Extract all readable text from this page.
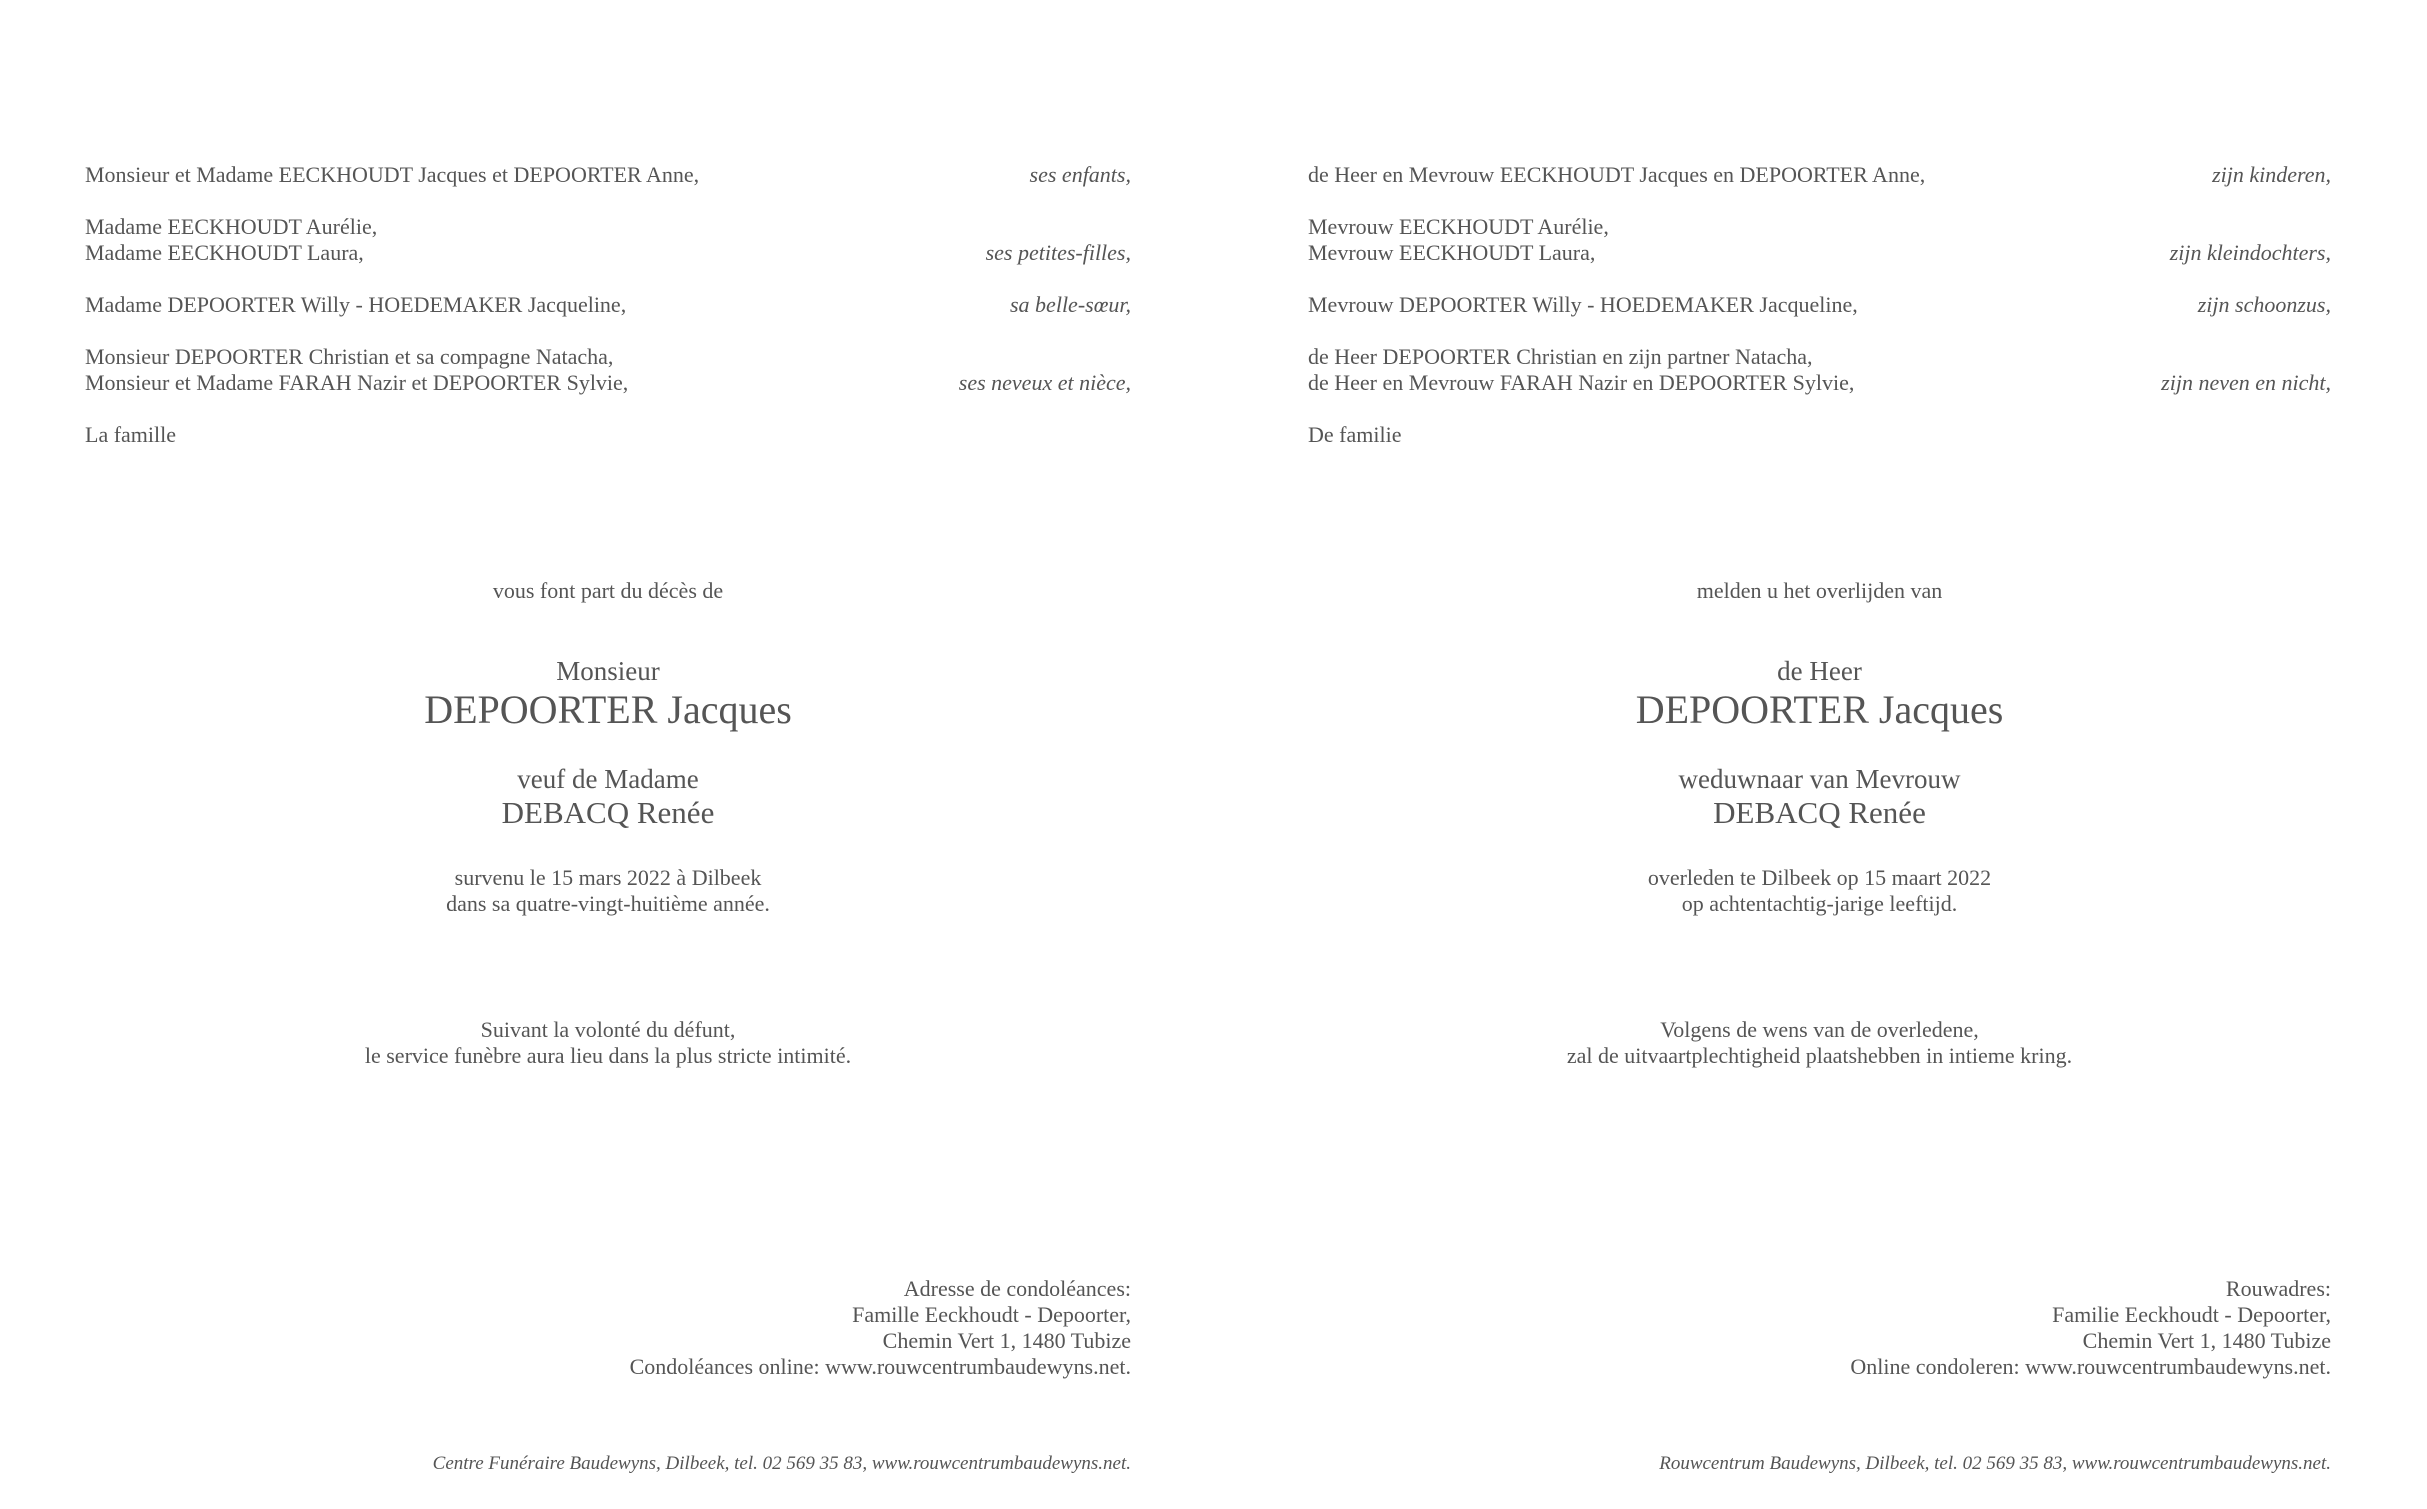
Monsieur et Madame EECKHOUDT Jacques et DEPOORTER Anne,	ses enfants,
Madame EECKHOUDT Aurélie,
Madame EECKHOUDT Laura,	ses petites-filles,
Madame DEPOORTER Willy - HOEDEMAKER Jacqueline,	sa belle-sœur,
Monsieur DEPOORTER Christian et sa compagne Natacha,
Monsieur et Madame FARAH Nazir et DEPOORTER Sylvie,	ses neveux et nièce,
La famille
vous font part du décès de
Monsieur
DEPOORTER Jacques
veuf de Madame
DEBACQ Renée
survenu le 15 mars 2022 à Dilbeek
dans sa quatre-vingt-huitième année.
Suivant la volonté du défunt,
le service funèbre aura lieu dans la plus stricte intimité.
Adresse de condoléances:
Famille Eeckhoudt - Depoorter,
Chemin Vert 1, 1480 Tubize
Condoléances online: www.rouwcentrumbaudewyns.net.
Centre Funéraire Baudewyns, Dilbeek, tel. 02 569 35 83, www.rouwcentrumbaudewyns.net.
de Heer en Mevrouw EECKHOUDT Jacques en DEPOORTER Anne,	zijn kinderen,
Mevrouw EECKHOUDT Aurélie,
Mevrouw EECKHOUDT Laura,	zijn kleindochters,
Mevrouw DEPOORTER Willy - HOEDEMAKER Jacqueline,	zijn schoonzus,
de Heer DEPOORTER Christian en zijn partner Natacha,
de Heer en Mevrouw FARAH Nazir en DEPOORTER Sylvie,	zijn neven en nicht,
De familie
melden u het overlijden van
de Heer
DEPOORTER Jacques
weduwnaar van Mevrouw
DEBACQ Renée
overleden te Dilbeek op 15 maart 2022
op achtentachtig-jarige leeftijd.
Volgens de wens van de overledene,
zal de uitvaartplechtigheid plaatshebben in intieme kring.
Rouwadres:
Familie Eeckhoudt - Depoorter,
Chemin Vert 1, 1480 Tubize
Online condoleren: www.rouwcentrumbaudewyns.net.
Rouwcentrum Baudewyns, Dilbeek, tel. 02 569 35 83, www.rouwcentrumbaudewyns.net.
